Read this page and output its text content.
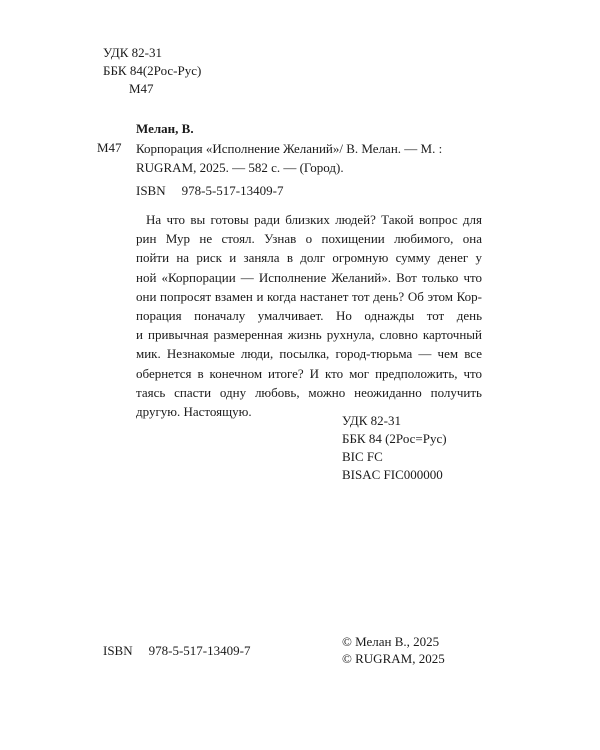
УДК 82-31
ББК 84(2Рос-Рус)
М47
М47
Мелан, В.
Корпорация «Исполнение Желаний»/ В. Мелан. — М. :
RUGRAM, 2025. — 582 с. — (Город).
ISBN 978-5-517-13409-7
На что вы готовы ради близких людей? Такой вопрос для
рин Мур не стоял. Узнав о похищении любимого, она
пойти на риск и заняла в долг огромную сумму денег у
ной «Корпорации — Исполнение Желаний». Вот только что
они попросят взамен и когда настанет тот день? Об этом Кор-
порация поначалу умалчивает. Но однажды тот день
и привычная размеренная жизнь рухнула, словно карточный
мик. Незнакомые люди, посылка, город-тюрьма — чем все
обернется в конечном итоге? И кто мог предположить, что
таясь спасти одну любовь, можно неожиданно получить
другую. Настоящую.
УДК 82-31
ББК 84 (2Рос=Рус)
BIC FC
BISAC FIC000000
ISBN 978-5-517-13409-7
© Мелан В., 2025
© RUGRAM, 2025
